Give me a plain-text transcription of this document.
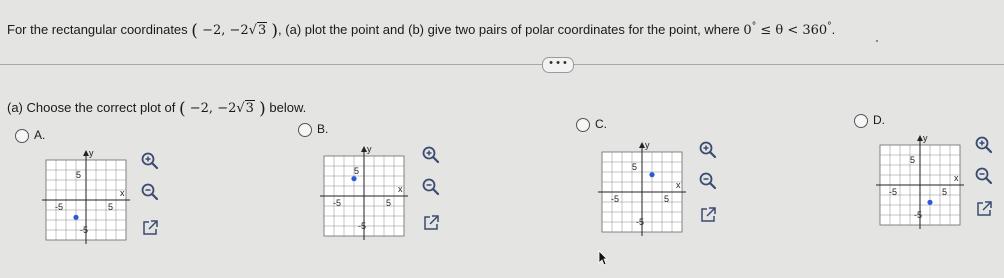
For the rectangular coordinates ( −2, −2√3 ), (a) plot the point and (b) give two pairs of polar coordinates for the point, where 0° ≤ θ < 360°.
• • •
(a) Choose the correct plot of ( −2, −2√3 ) below.
A.
y
x
5
-5	5
-5
B.
y
x
5
-5	5
-5
C.
y
x
5
-5	5
-5
D.
y
x
5
-5	5
-5
